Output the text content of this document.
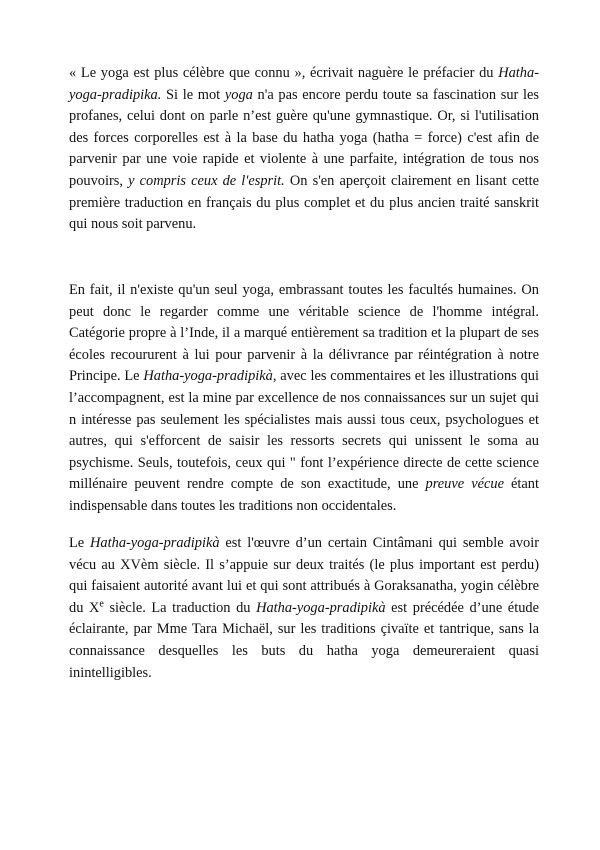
« Le yoga est plus célèbre que connu », écrivait naguère le préfacier du Hatha-yoga-pradipika. Si le mot yoga n'a pas encore perdu toute sa fascination sur les profanes, celui dont on parle n’est guère qu'une gymnastique. Or, si l'utilisation des forces corporelles est à la base du hatha yoga (hatha = force) c'est afin de parvenir par une voie rapide et violente à une parfaite, intégration de tous nos pouvoirs, y compris ceux de l'esprit. On s'en aperçoit clairement en lisant cette première traduction en français du plus complet et du plus ancien traité sanskrit qui nous soit parvenu.

En fait, il n'existe qu'un seul yoga, embrassant toutes les facultés humaines. On peut donc le regarder comme une véritable science de l'homme intégral. Catégorie propre à l’Inde, il a marqué entièrement sa tradition et la plupart de ses écoles recoururent à lui pour parvenir à la délivrance par réintégration à notre Principe. Le Hatha-yoga-pradipikà, avec les commentaires et les illustrations qui l’accompagnent, est la mine par excellence de nos connaissances sur un sujet qui n intéresse pas seulement les spécialistes mais aussi tous ceux, psychologues et autres, qui s'efforcent de saisir les ressorts secrets qui unissent le soma au psychisme. Seuls, toutefois, ceux qui " font l’expérience directe de cette science millénaire peuvent rendre compte de son exactitude, une preuve vécue étant indispensable dans toutes les traditions non occidentales.

Le Hatha-yoga-pradipikà est l'œuvre d’un certain Cintâmani qui semble avoir vécu au XVèm siècle. Il s’appuie sur deux traités (le plus important est perdu) qui faisaient autorité avant lui et qui sont attribués à Goraksanatha, yogin célèbre du Xe siècle. La traduction du Hatha-yoga-pradipikà est précédée d’une étude éclairante, par Mme Tara Michaël, sur les traditions çivaïte et tantrique, sans la connaissance desquelles les buts du hatha yoga demeureraient quasi inintelligibles.
